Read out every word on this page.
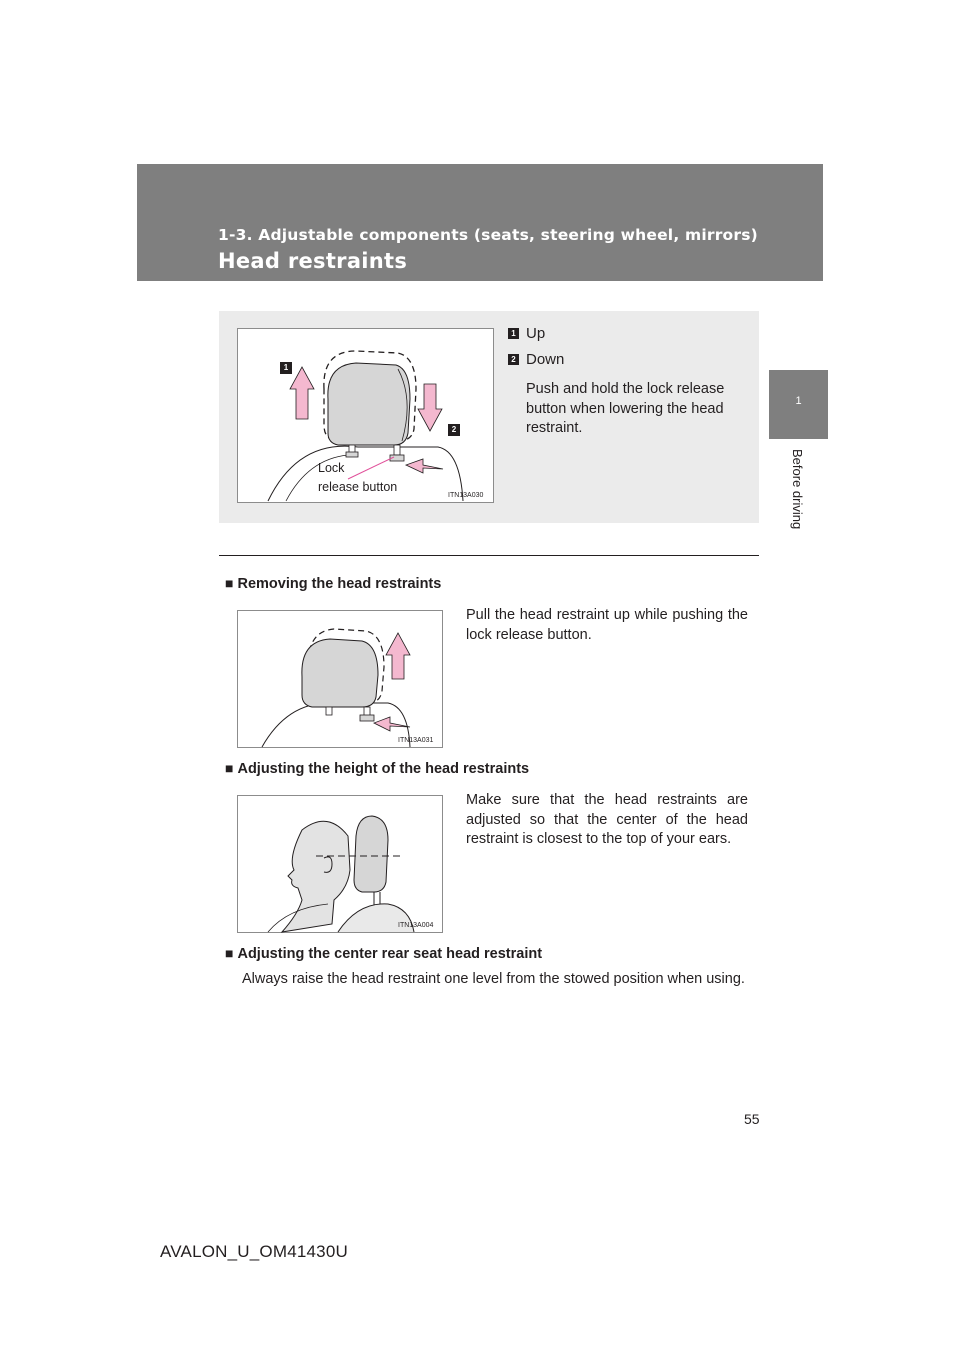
1-3. Adjustable components (seats, steering wheel, mirrors)
Head restraints
1
Before driving
1
2
Lock
release button
ITN13A030
1 Up
2 Down
Push and hold the lock release button when lowering the head restraint.
■ Removing the head restraints
ITN13A031
Pull the head restraint up while pushing the lock release button.
■ Adjusting the height of the head restraints
ITN13A004
Make sure that the head restraints are adjusted so that the center of the head restraint is closest to the top of your ears.
■ Adjusting the center rear seat head restraint
Always raise the head restraint one level from the stowed position when using.
55
AVALON_U_OM41430U
